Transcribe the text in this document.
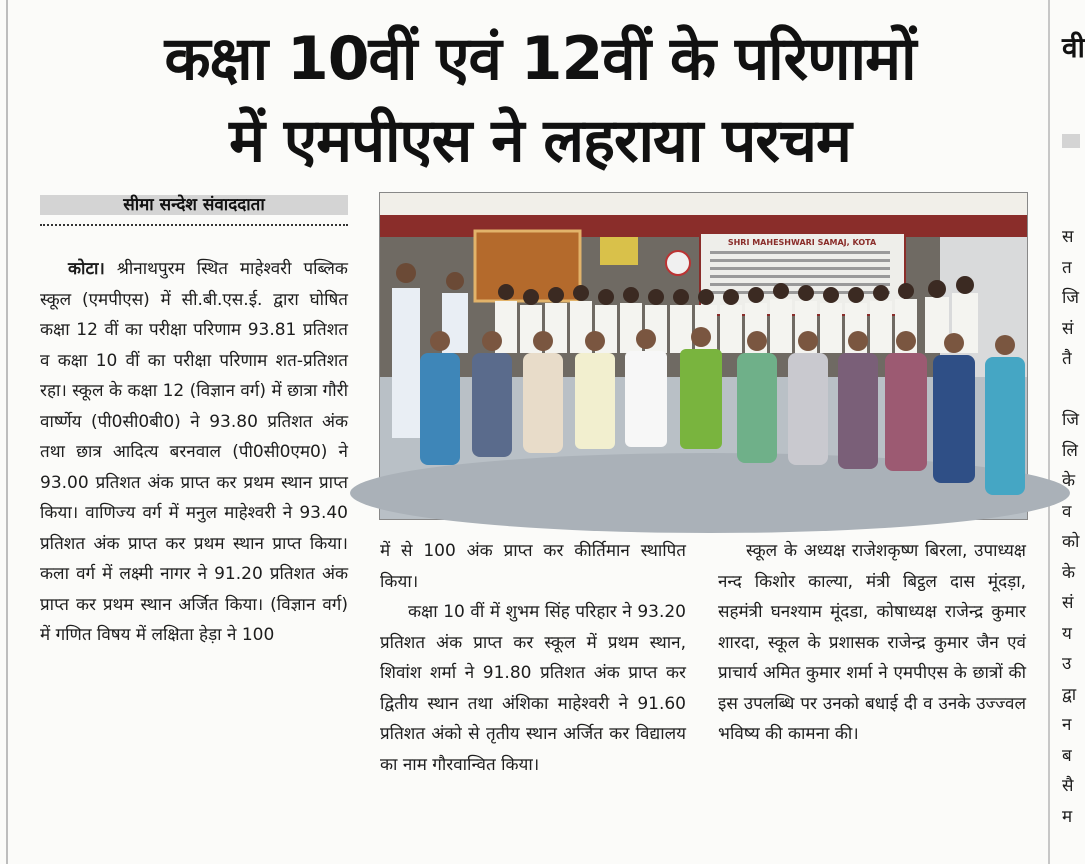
कक्षा 10वीं एवं 12वीं के परिणामों
में एमपीएस ने लहराया परचम
सीमा सन्देश संवाददाता
SHRI MAHESHWARI SAMAJ, KOTA

कोटा। श्रीनाथपुरम स्थित माहेश्वरी पब्लिक स्कूल (एमपीएस) में सी.बी.एस.ई. द्वारा घोषित कक्षा 12 वीं का परीक्षा परिणाम 93.81 प्रतिशत व कक्षा 10 वीं का परीक्षा परिणाम शत-प्रतिशत रहा। स्कूल के कक्षा 12 (विज्ञान वर्ग) में छात्रा गौरी वार्ष्णेय (पी0सी0बी0) ने 93.80 प्रतिशत अंक तथा छात्र आदित्य बरनवाल (पी0सी0एम0) ने 93.00 प्रतिशत अंक प्राप्त कर प्रथम स्थान प्राप्त किया। वाणिज्य वर्ग में मनुल माहेश्वरी ने 93.40 प्रतिशत अंक प्राप्त कर प्रथम स्थान प्राप्त किया। कला वर्ग में लक्ष्मी नागर ने 91.20 प्रतिशत अंक प्राप्त कर प्रथम स्थान अर्जित किया। (विज्ञान वर्ग) में गणित विषय में लक्षिता हेड़ा ने 100

में से 100 अंक प्राप्त कर कीर्तिमान स्थापित किया।

कक्षा 10 वीं में शुभम सिंह परिहार ने 93.20 प्रतिशत अंक प्राप्त कर स्कूल में प्रथम स्थान, शिवांश शर्मा ने 91.80 प्रतिशत अंक प्राप्त कर द्वितीय स्थान तथा अंशिका माहेश्वरी ने 91.60 प्रतिशत अंको से तृतीय स्थान अर्जित कर विद्यालय का नाम गौरवान्वित किया।

स्कूल के अध्यक्ष राजेशकृष्ण बिरला, उपाध्यक्ष नन्द किशोर काल्या, मंत्री बिट्ठल दास मूंदड़ा, सहमंत्री घनश्याम मूंदडा, कोषाध्यक्ष राजेन्द्र कुमार शारदा, स्कूल के प्रशासक राजेन्द्र कुमार जैन एवं प्राचार्य अमित कुमार शर्मा ने एमपीएस के छात्रों की इस उपलब्धि पर उनको बधाई दी व उनके उज्ज्वल भविष्य की कामना की।

वी
स
त
जि
सं
तै

जि
लि
के
व
को
के
सं
य
उ
द्वा
न
ब
सै
म
